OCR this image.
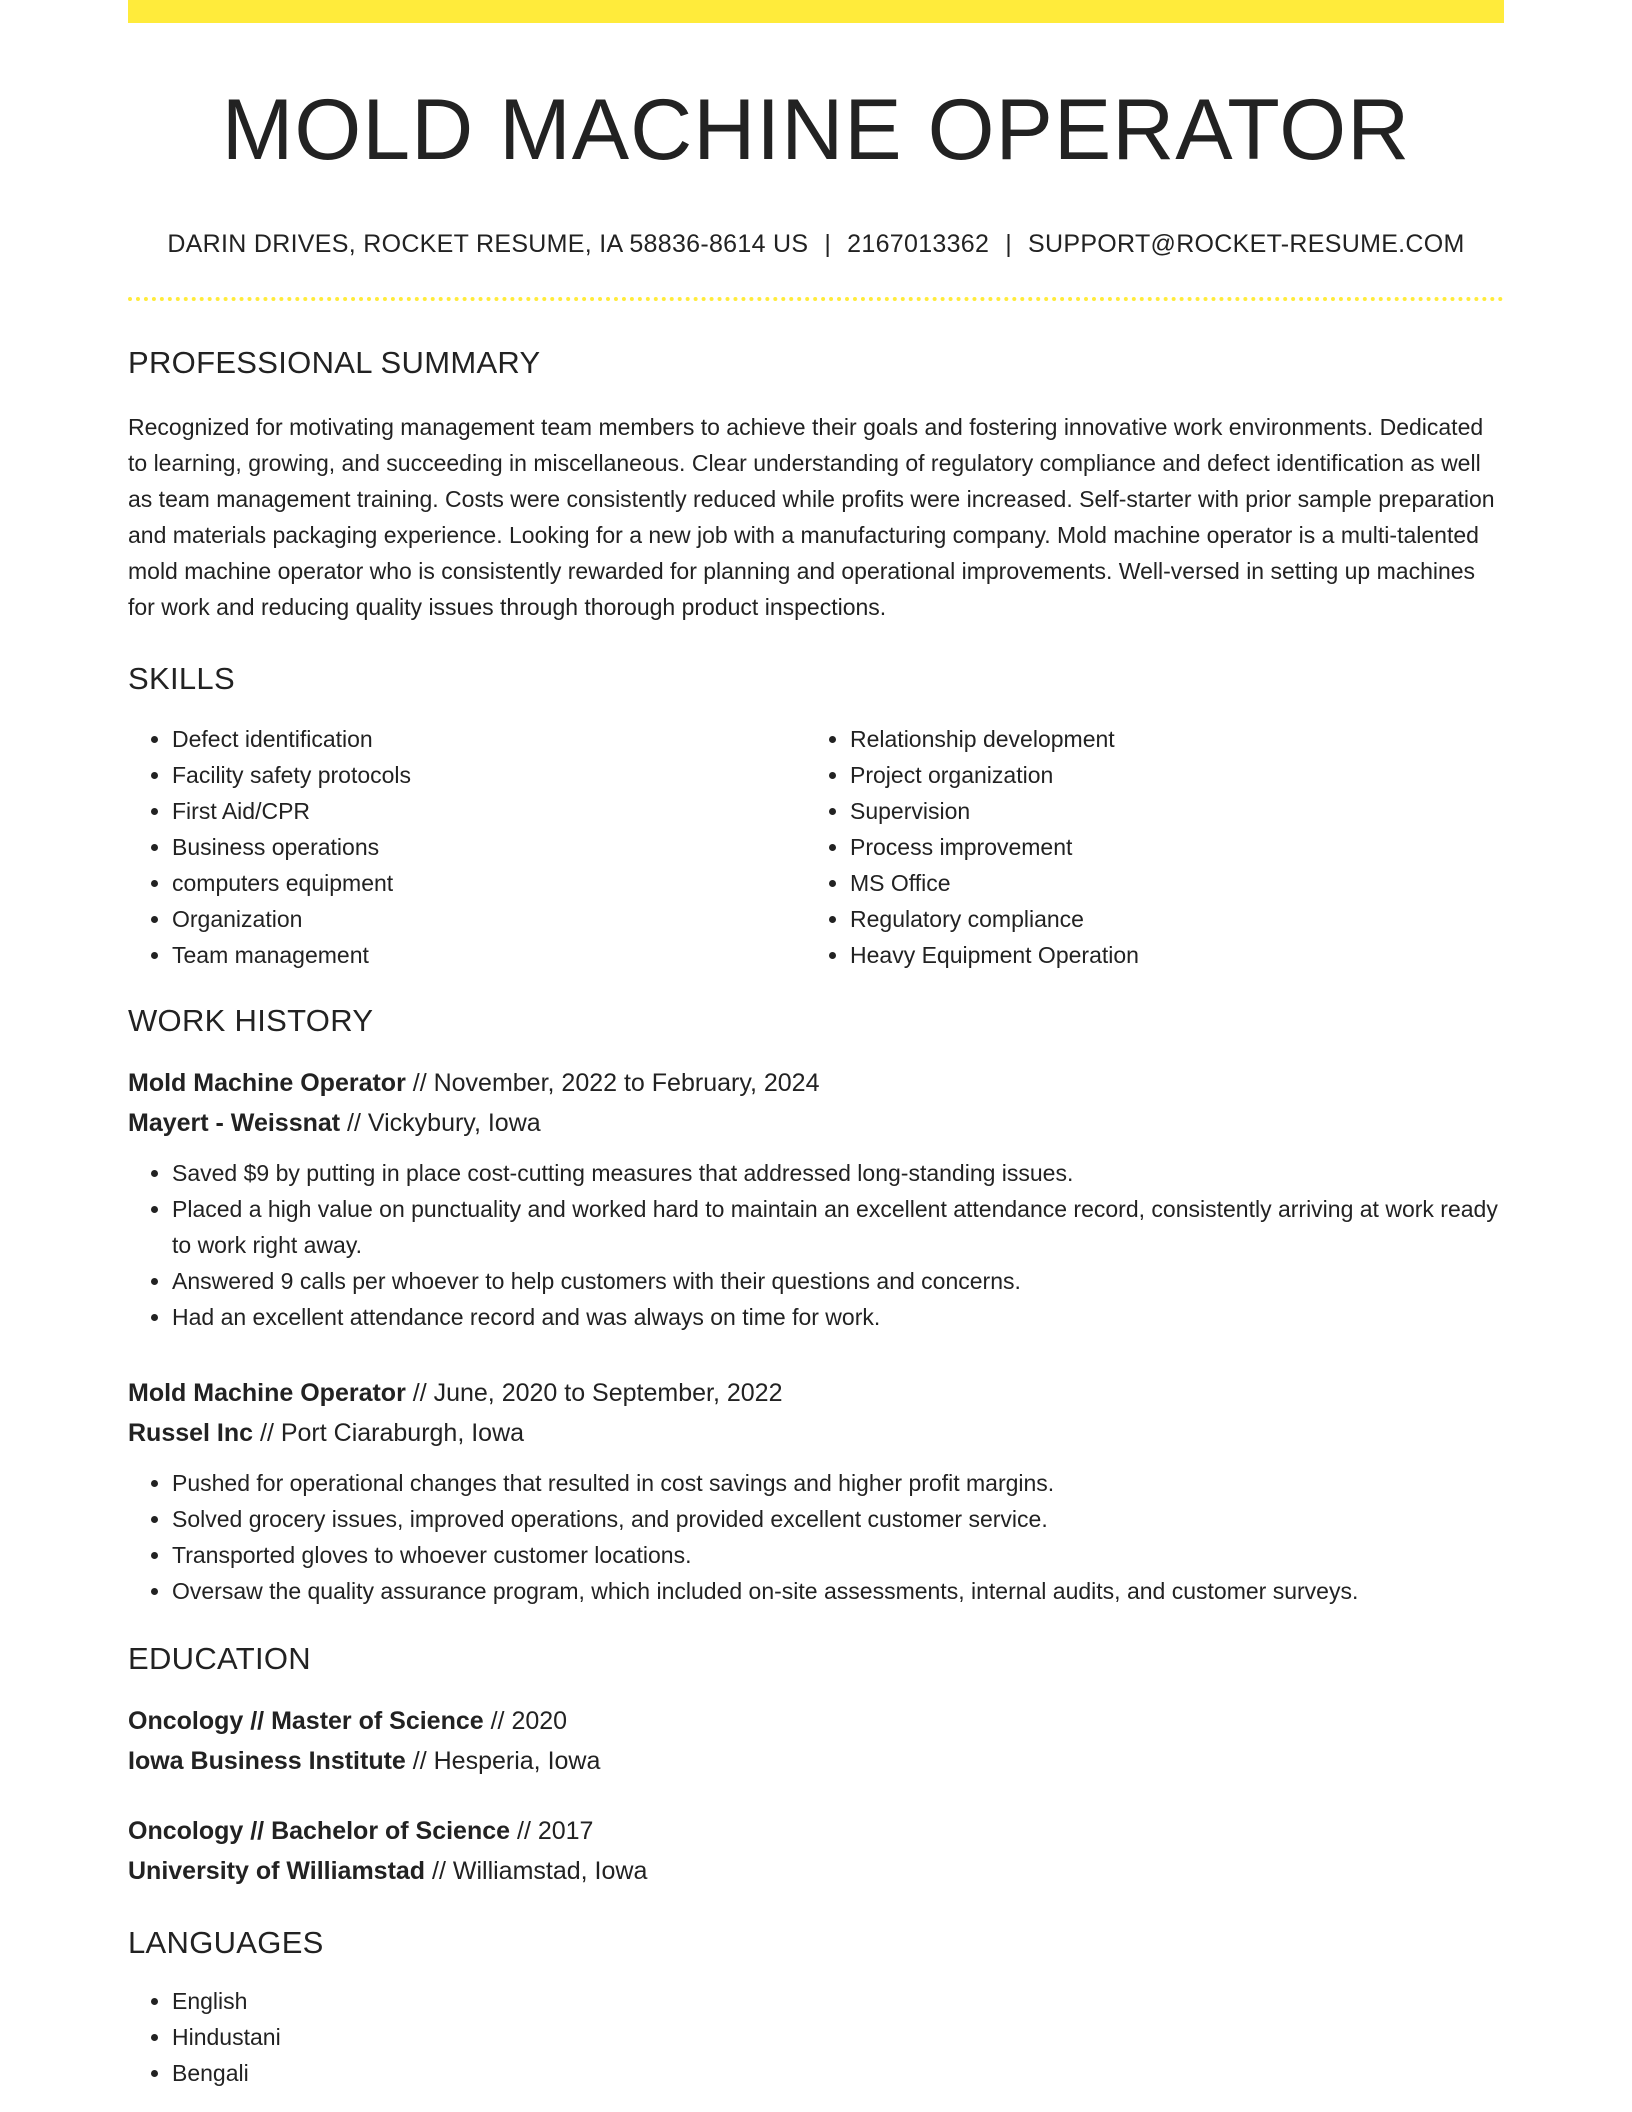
MOLD MACHINE OPERATOR
DARIN DRIVES, ROCKET RESUME, IA 58836-8614 US | 2167013362 | SUPPORT@ROCKET-RESUME.COM
PROFESSIONAL SUMMARY

Recognized for motivating management team members to achieve their goals and fostering innovative work environments. Dedicated to learning, growing, and succeeding in miscellaneous. Clear understanding of regulatory compliance and defect identification as well as team management training. Costs were consistently reduced while profits were increased. Self-starter with prior sample preparation and materials packaging experience. Looking for a new job with a manufacturing company. Mold machine operator is a multi-talented mold machine operator who is consistently rewarded for planning and operational improvements. Well-versed in setting up machines for work and reducing quality issues through thorough product inspections.

SKILLS
• Defect identification
• Facility safety protocols
• First Aid/CPR
• Business operations
• computers equipment
• Organization
• Team management
• Relationship development
• Project organization
• Supervision
• Process improvement
• MS Office
• Regulatory compliance
• Heavy Equipment Operation
WORK HISTORY
Mold Machine Operator // November, 2022 to February, 2024
Mayert - Weissnat // Vickybury, Iowa
• Saved $9 by putting in place cost-cutting measures that addressed long-standing issues.
• Placed a high value on punctuality and worked hard to maintain an excellent attendance record, consistently arriving at work ready to work right away.
• Answered 9 calls per whoever to help customers with their questions and concerns.
• Had an excellent attendance record and was always on time for work.
Mold Machine Operator // June, 2020 to September, 2022
Russel Inc // Port Ciaraburgh, Iowa
• Pushed for operational changes that resulted in cost savings and higher profit margins.
• Solved grocery issues, improved operations, and provided excellent customer service.
• Transported gloves to whoever customer locations.
• Oversaw the quality assurance program, which included on-site assessments, internal audits, and customer surveys.
EDUCATION
Oncology // Master of Science // 2020
Iowa Business Institute // Hesperia, Iowa
Oncology // Bachelor of Science // 2017
University of Williamstad // Williamstad, Iowa
LANGUAGES
• English
• Hindustani
• Bengali
